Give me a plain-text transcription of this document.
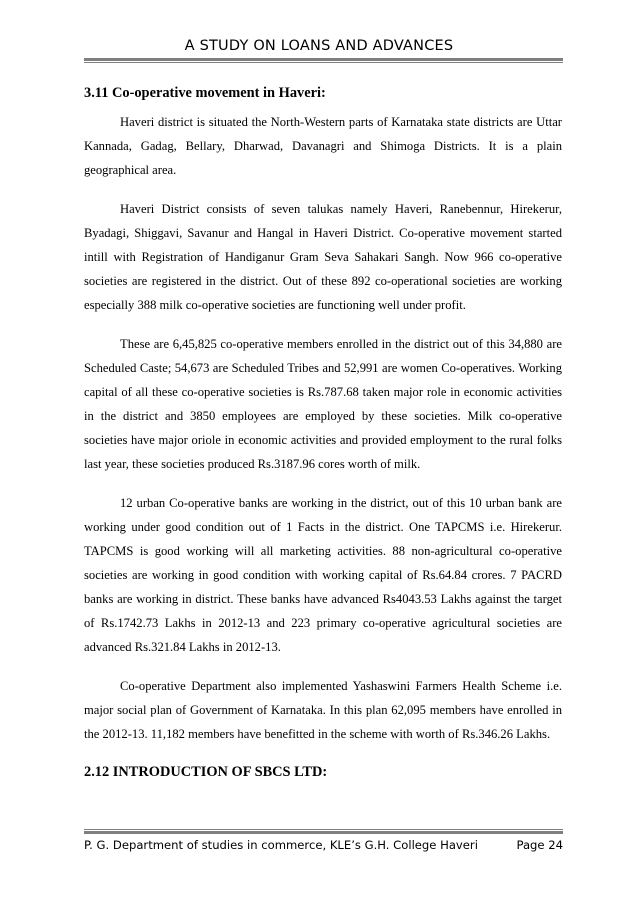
A STUDY ON LOANS AND ADVANCES
3.11 Co-operative movement in Haveri:

Haveri district is situated the North-Western parts of Karnataka state districts are Uttar Kannada, Gadag, Bellary, Dharwad, Davanagri and Shimoga Districts. It is a plain geographical area.

Haveri District consists of seven talukas namely Haveri, Ranebennur, Hirekerur, Byadagi, Shiggavi, Savanur and Hangal in Haveri District. Co-operative movement started intill with Registration of Handiganur Gram Seva Sahakari Sangh. Now 966 co-operative societies are registered in the district. Out of these 892 co-operational societies are working especially 388 milk co-operative societies are functioning well under profit.

These are 6,45,825 co-operative members enrolled in the district out of this 34,880 are Scheduled Caste; 54,673 are Scheduled Tribes and 52,991 are women Co-operatives. Working capital of all these co-operative societies is Rs.787.68 taken major role in economic activities in the district and 3850 employees are employed by these societies. Milk co-operative societies have major oriole in economic activities and provided employment to the rural folks last year, these societies produced Rs.3187.96 cores worth of milk.

12 urban Co-operative banks are working in the district, out of this 10 urban bank are working under good condition out of 1 Facts in the district. One TAPCMS i.e. Hirekerur. TAPCMS is good working will all marketing activities. 88 non-agricultural co-operative societies are working in good condition with working capital of Rs.64.84 crores. 7 PACRD banks are working in district. These banks have advanced Rs4043.53 Lakhs against the target of Rs.1742.73 Lakhs in 2012-13 and 223 primary co-operative agricultural societies are advanced Rs.321.84 Lakhs in 2012-13.

Co-operative Department also implemented Yashaswini Farmers Health Scheme i.e. major social plan of Government of Karnataka. In this plan 62,095 members have enrolled in the 2012-13. 11,182 members have benefitted in the scheme with worth of Rs.346.26 Lakhs.

2.12 INTRODUCTION OF SBCS LTD:
P. G. Department of studies in commerce, KLE’s G.H. College Haveri	Page 24
